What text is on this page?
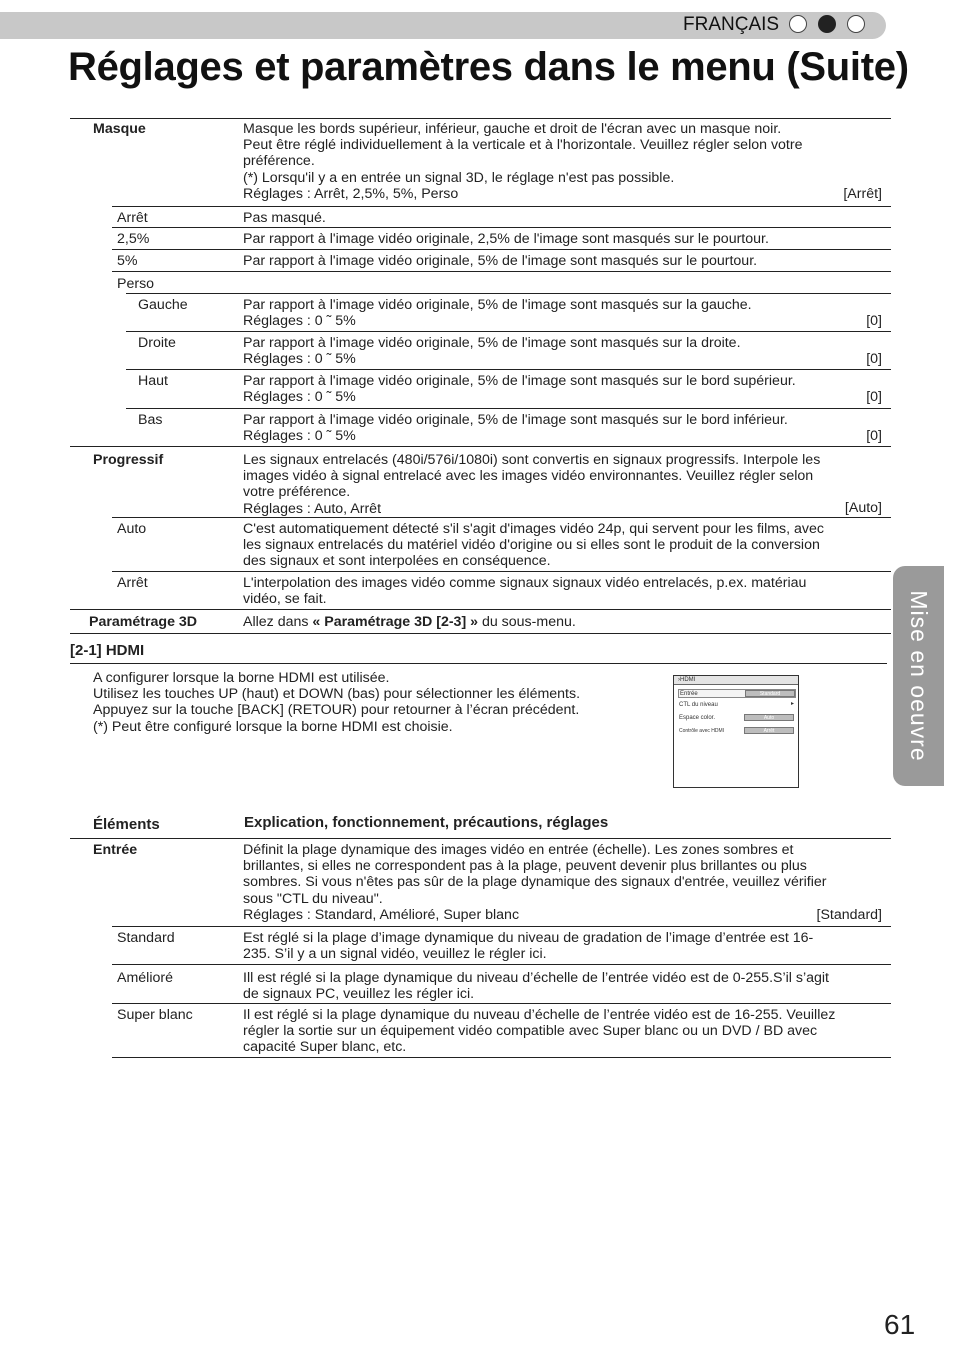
FRANÇAIS
Réglages et paramètres dans le menu (Suite)
Mise en oeuvre
Masque	Masque les bords supérieur, inférieur, gauche et droit de l'écran avec un masque noir.
Peut être réglé individuellement à la verticale et à l'horizontale. Veuillez régler selon votre
préférence.
(*) Lorsqu'il y a en entrée un signal 3D, le réglage n'est pas possible.
Réglages : Arrêt, 2,5%, 5%, Perso	[Arrêt]
Arrêt	Pas masqué.
2,5%	Par rapport à l'image vidéo originale, 2,5% de l'image sont masqués sur le pourtour.
5%	Par rapport à l'image vidéo originale, 5% de l'image sont masqués sur le pourtour.
Perso
Gauche	Par rapport à l'image vidéo originale, 5% de l'image sont masqués sur la gauche.
Réglages : 0 ˜ 5%	[0]
Droite	Par rapport à l'image vidéo originale, 5% de l'image sont masqués sur la droite.
Réglages : 0 ˜ 5%	[0]
Haut	Par rapport à l'image vidéo originale, 5% de l'image sont masqués sur le bord supérieur.
Réglages : 0 ˜ 5%	[0]
Bas	Par rapport à l'image vidéo originale, 5% de l'image sont masqués sur le bord inférieur.
Réglages : 0 ˜ 5%	[0]
Progressif	Les signaux entrelacés (480i/576i/1080i) sont convertis en signaux progressifs. Interpole les
images vidéo à signal entrelacé avec les images vidéo environnantes. Veuillez régler selon
votre préférence.
Réglages : Auto, Arrêt	[Auto]
Auto	C'est automatiquement détecté s'il s'agit d'images vidéo 24p, qui servent pour les films, avec
les signaux entrelacés du matériel vidéo d'origine ou si elles sont le produit de la conversion
des signaux et sont interpolées en conséquence.
Arrêt	L'interpolation des images vidéo comme signaux signaux vidéo entrelacés, p.ex. matériau
vidéo, se fait.
Paramétrage 3D	Allez dans « Paramétrage 3D [2-3] » du sous-menu.
[2-1] HDMI
A configurer lorsque la borne HDMI est utilisée.
Utilisez les touches UP (haut) et DOWN (bas) pour sélectionner les éléments.
Appuyez sur la touche [BACK] (RETOUR) pour retourner à l’écran précédent.
(*) Peut être configuré lorsque la borne HDMI est choisie.
›HDMI
Entrée	Standard
CTL du niveau	▸
Espace color.	Auto
Contrôle avec HDMI	Arrêt
Éléments	Explication, fonctionnement, précautions, réglages
Entrée	Définit la plage dynamique des images vidéo en entrée (échelle). Les zones sombres et
brillantes, si elles ne correspondent pas à la plage, peuvent devenir plus brillantes ou plus
sombres. Si vous n'êtes pas sûr de la plage dynamique des signaux d'entrée, veuillez vérifier
sous "CTL du niveau".
Réglages : Standard, Amélioré, Super blanc	[Standard]
Standard	Est réglé si la plage d’image dynamique du niveau de gradation de l’image d’entrée est 16-
235. S’il y a un signal vidéo, veuillez le régler ici.
Amélioré	Ill est réglé si la plage dynamique du niveau d’échelle de l’entrée vidéo est de 0-255.S’il s’agit
de signaux PC, veuillez les régler ici.
Super blanc	Il est réglé si la plage dynamique du nuveau d’échelle de l’entrée vidéo est de 16-255. Veuillez
régler la sortie sur un équipement vidéo compatible avec Super blanc ou un DVD / BD avec
capacité Super blanc, etc.
61
